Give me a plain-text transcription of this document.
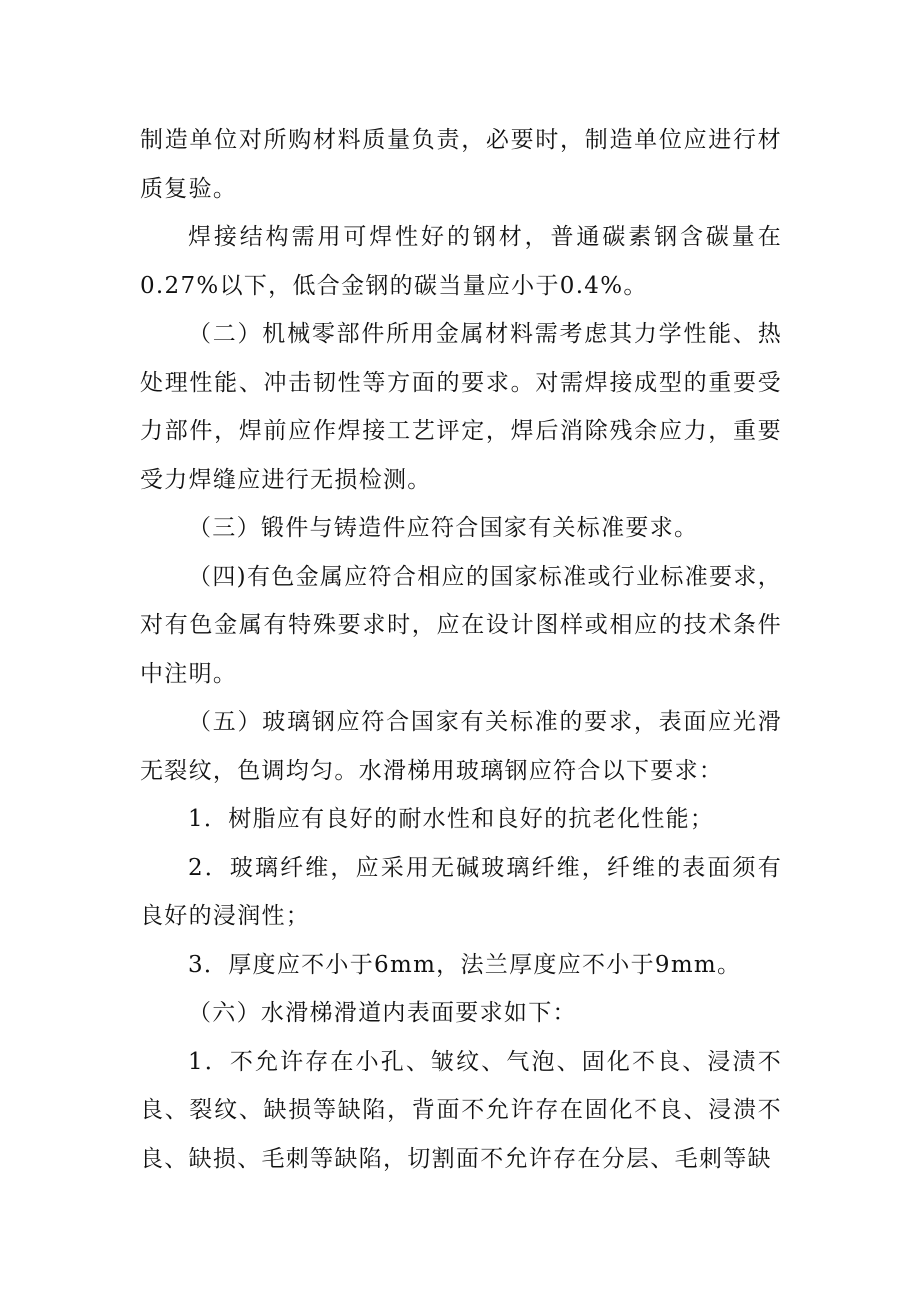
制造单位对所购材料质量负责，必要时，制造单位应进行材质复验。

焊接结构需用可焊性好的钢材，普通碳素钢含碳量在0.27%以下，低合金钢的碳当量应小于0.4%。

（二）机械零部件所用金属材料需考虑其力学性能、热处理性能、冲击韧性等方面的要求。对需焊接成型的重要受力部件，焊前应作焊接工艺评定，焊后消除残余应力，重要受力焊缝应进行无损检测。

（三）锻件与铸造件应符合国家有关标准要求。

（四)有色金属应符合相应的国家标准或行业标准要求，对有色金属有特殊要求时，应在设计图样或相应的技术条件中注明。

（五）玻璃钢应符合国家有关标准的要求，表面应光滑无裂纹，色调均匀。水滑梯用玻璃钢应符合以下要求：

1．树脂应有良好的耐水性和良好的抗老化性能；

2．玻璃纤维，应采用无碱玻璃纤维，纤维的表面须有良好的浸润性；

3．厚度应不小于6mm，法兰厚度应不小于9mm。

（六）水滑梯滑道内表面要求如下：

1．不允许存在小孔、皱纹、气泡、固化不良、浸渍不良、裂纹、缺损等缺陷，背面不允许存在固化不良、浸溃不良、缺损、毛刺等缺陷，切割面不允许存在分层、毛刺等缺
